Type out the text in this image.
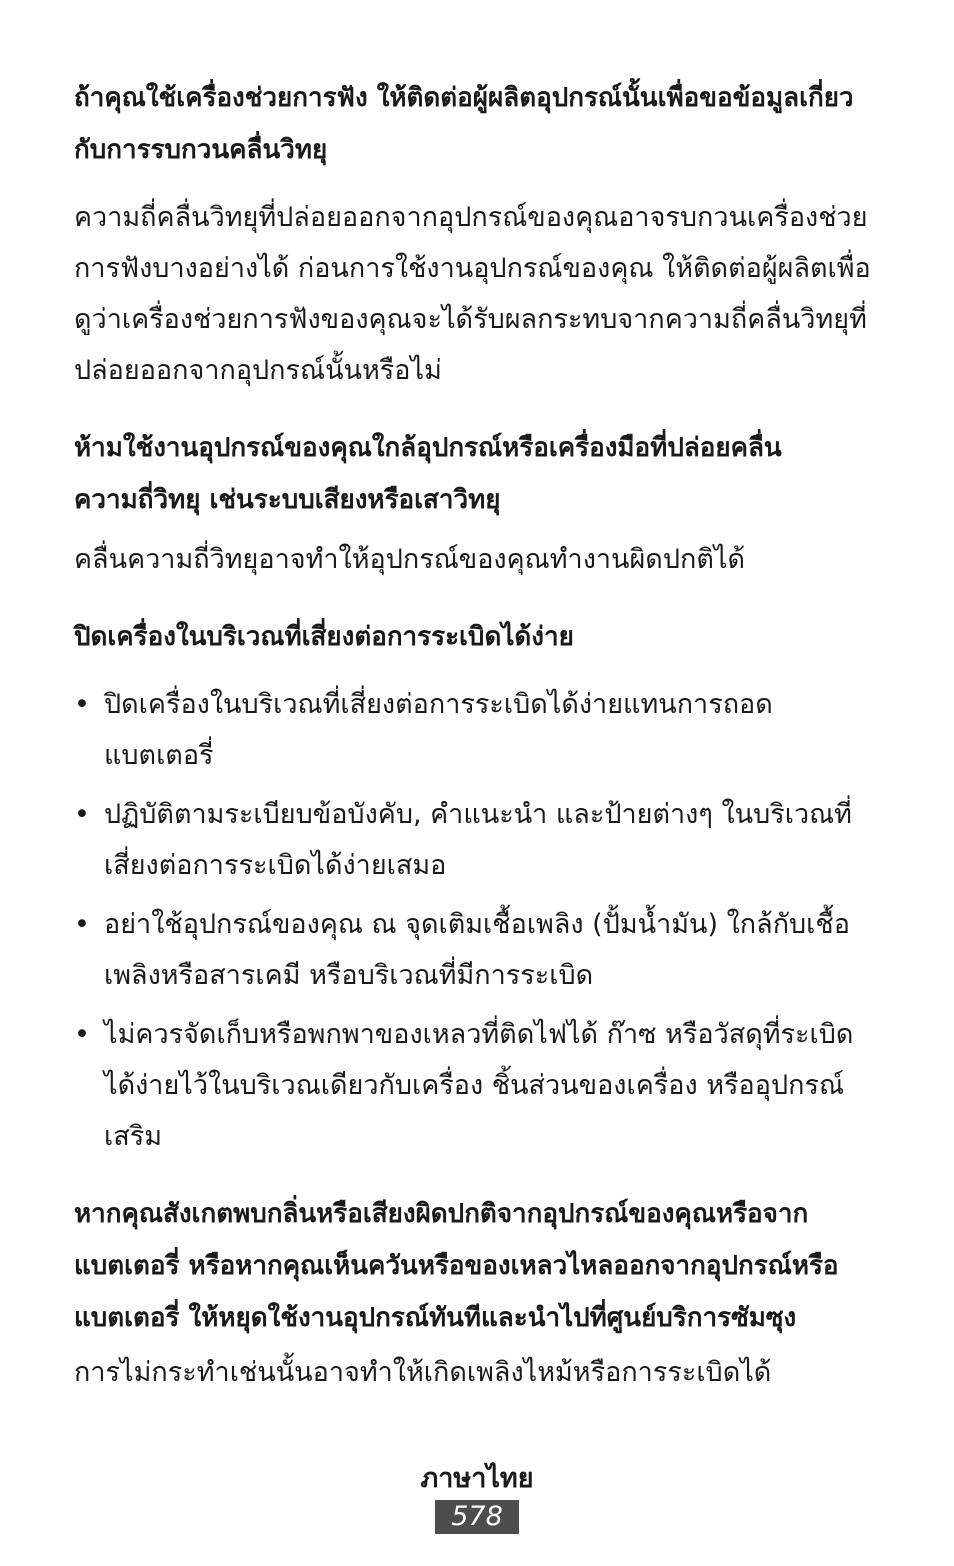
ถ้าคุณใช้เครื่องช่วยการฟัง ให้ติดต่อผู้ผลิตอุปกรณ์นั้นเพื่อขอข้อมูลเกี่ยวกับการรบกวนคลื่นวิทยุ

ความถี่คลื่นวิทยุที่ปล่อยออกจากอุปกรณ์ของคุณอาจรบกวนเครื่องช่วยการฟังบางอย่างได้ ก่อนการใช้งานอุปกรณ์ของคุณ ให้ติดต่อผู้ผลิตเพื่อดูว่าเครื่องช่วยการฟังของคุณจะได้รับผลกระทบจากความถี่คลื่นวิทยุที่ปล่อยออกจากอุปกรณ์นั้นหรือไม่

ห้ามใช้งานอุปกรณ์ของคุณใกล้อุปกรณ์หรือเครื่องมือที่ปล่อยคลื่นความถี่วิทยุ เช่นระบบเสียงหรือเสาวิทยุ

คลื่นความถี่วิทยุอาจทำให้อุปกรณ์ของคุณทำงานผิดปกติได้

ปิดเครื่องในบริเวณที่เสี่ยงต่อการระเบิดได้ง่าย

• ปิดเครื่องในบริเวณที่เสี่ยงต่อการระเบิดได้ง่ายแทนการถอดแบตเตอรี่
• ปฏิบัติตามระเบียบข้อบังคับ, คำแนะนำ และป้ายต่างๆ ในบริเวณที่เสี่ยงต่อการระเบิดได้ง่ายเสมอ
• อย่าใช้อุปกรณ์ของคุณ ณ จุดเติมเชื้อเพลิง (ปั้มน้ำมัน) ใกล้กับเชื้อเพลิงหรือสารเคมี หรือบริเวณที่มีการระเบิด
• ไม่ควรจัดเก็บหรือพกพาของเหลวที่ติดไฟได้ ก๊าซ หรือวัสดุที่ระเบิดได้ง่ายไว้ในบริเวณเดียวกับเครื่อง ชิ้นส่วนของเครื่อง หรืออุปกรณ์เสริม

หากคุณสังเกตพบกลิ่นหรือเสียงผิดปกติจากอุปกรณ์ของคุณหรือจากแบตเตอรี่ หรือหากคุณเห็นควันหรือของเหลวไหลออกจากอุปกรณ์หรือแบตเตอรี่ ให้หยุดใช้งานอุปกรณ์ทันทีและนำไปที่ศูนย์บริการซัมซุง

การไม่กระทำเช่นนั้นอาจทำให้เกิดเพลิงไหม้หรือการระเบิดได้

ภาษาไทย
578
